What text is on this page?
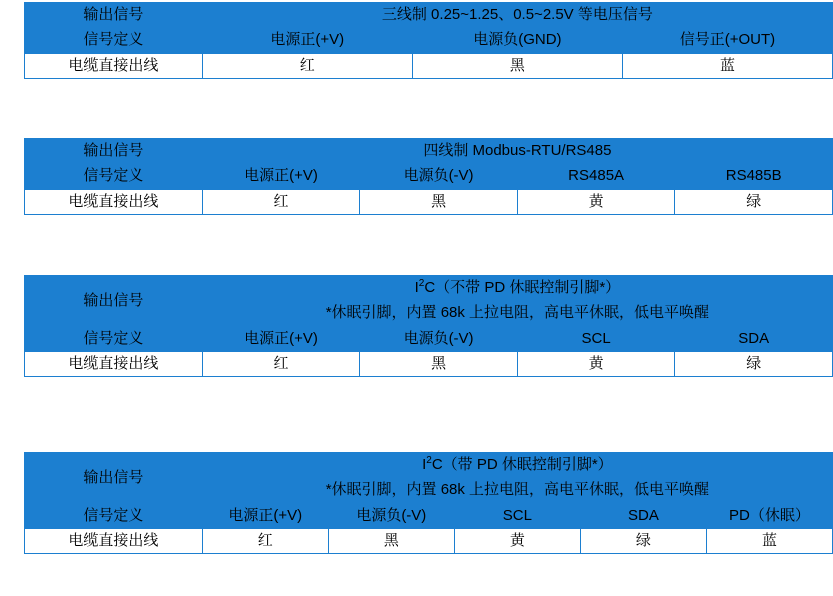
输出信号	三线制 0.25~1.25、0.5~2.5V 等电压信号		
信号定义	电源正(+V)	电源负(GND)	信号正(+OUT)
电缆直接出线	红	黑	蓝
输出信号	四线制 Modbus-RTU/RS485			
信号定义	电源正(+V)	电源负(-V)	RS485A	RS485B
电缆直接出线	红	黑	黄	绿
输出信号	$I^2C$（不带 PD 休眠控制引脚*）			
	*休眠引脚，内置 68k 上拉电阻，高电平休眠，低电平唤醒			
信号定义	电源正(+V)	电源负(-V)	SCL	SDA
电缆直接出线	红	黑	黄	绿
输出信号	$I^2C$（带 PD 休眠控制引脚*）				
	*休眠引脚，内置 68k 上拉电阻，高电平休眠，低电平唤醒				
信号定义	电源正(+V)	电源负(-V)	SCL	SDA	PD（休眠）
电缆直接出线	红	黑	黄	绿	蓝
